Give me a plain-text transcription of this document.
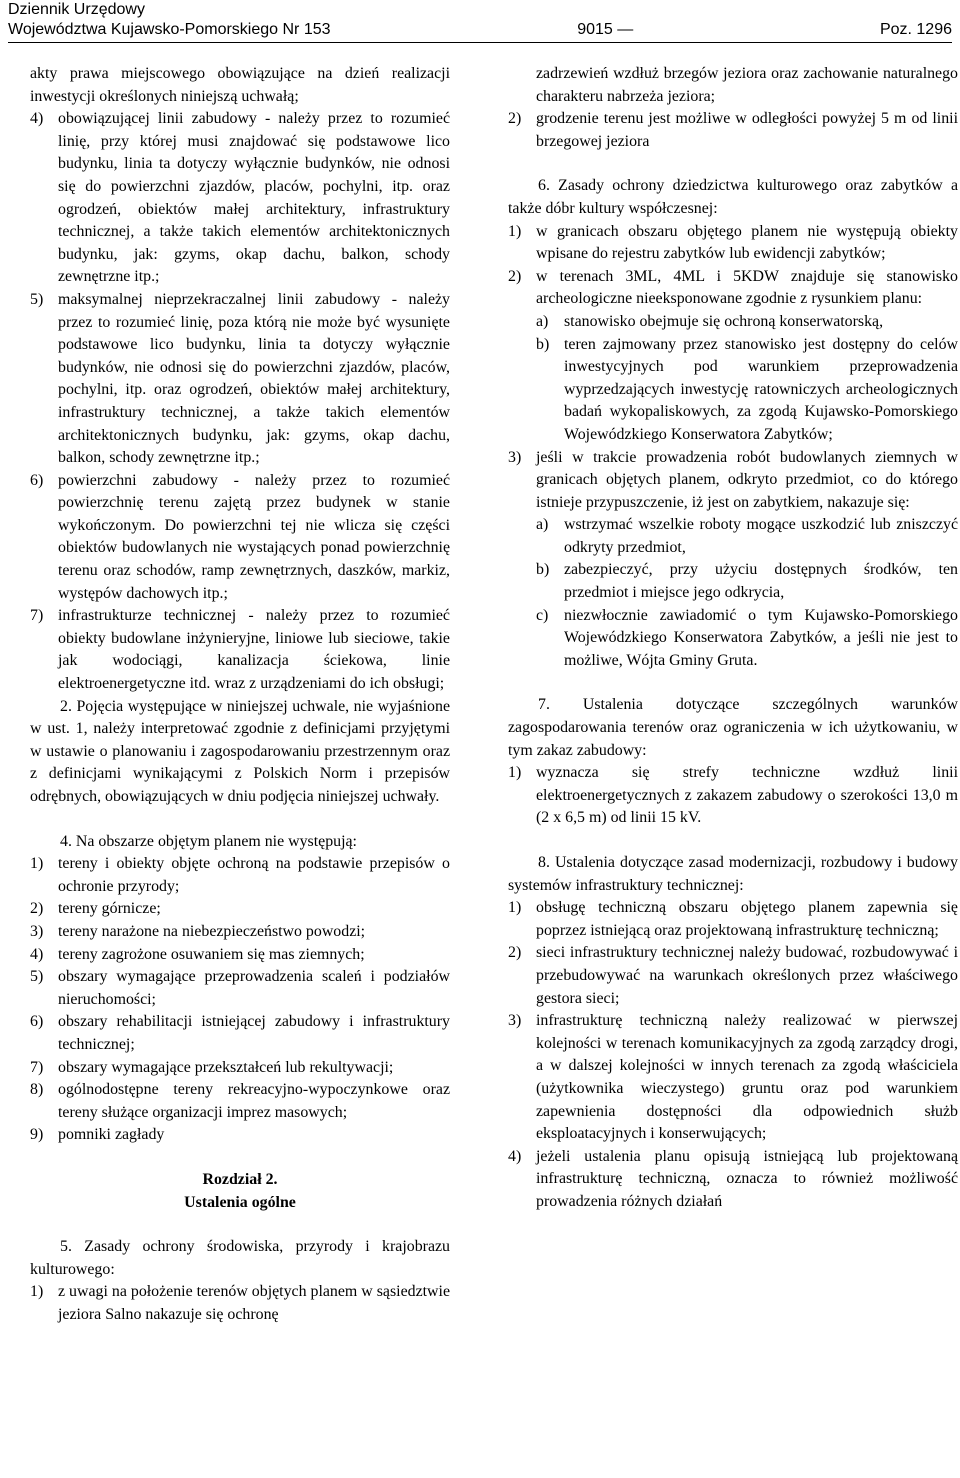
Dziennik Urzędowy
Województwa Kujawsko-Pomorskiego Nr 153	9015 —	Poz. 1296

akty prawa miejscowego obowiązujące na dzień realizacji inwestycji określonych niniejszą uchwałą;

4) obowiązującej linii zabudowy - należy przez to rozumieć linię, przy której musi znajdować się podstawowe lico budynku, linia ta dotyczy wyłącznie budynków, nie odnosi się do powierzchni zjazdów, placów, pochylni, itp. oraz ogrodzeń, obiektów małej architektury, infrastruktury technicznej, a także takich elementów architektonicznych budynku, jak: gzyms, okap dachu, balkon, schody zewnętrzne itp.;
5) maksymalnej nieprzekraczalnej linii zabudowy - należy przez to rozumieć linię, poza którą nie może być wysunięte podstawowe lico budynku, linia ta dotyczy wyłącznie budynków, nie odnosi się do powierzchni zjazdów, placów, pochylni, itp. oraz ogrodzeń, obiektów małej architektury, infrastruktury technicznej, a także takich elementów architektonicznych budynku, jak: gzyms, okap dachu, balkon, schody zewnętrzne itp.;
6) powierzchni zabudowy - należy przez to rozumieć powierzchnię terenu zajętą przez budynek w stanie wykończonym. Do powierzchni tej nie wlicza się części obiektów budowlanych nie wystających ponad powierzchnię terenu oraz schodów, ramp zewnętrznych, daszków, markiz, występów dachowych itp.;
7) infrastrukturze technicznej - należy przez to rozumieć obiekty budowlane inżynieryjne, liniowe lub sieciowe, takie jak wodociągi, kanalizacja ściekowa, linie elektroenergetyczne itd. wraz z urządzeniami do ich obsługi;

2. Pojęcia występujące w niniejszej uchwale, nie wyjaśnione w ust. 1, należy interpretować zgodnie z definicjami przyjętymi w ustawie o planowaniu i zagospodarowaniu przestrzennym oraz z definicjami wynikającymi z Polskich Norm i przepisów odrębnych, obowiązujących w dniu podjęcia niniejszej uchwały.

4. Na obszarze objętym planem nie występują:

1) tereny i obiekty objęte ochroną na podstawie przepisów o ochronie przyrody;
2) tereny górnicze;
3) tereny narażone na niebezpieczeństwo powodzi;
4) tereny zagrożone osuwaniem się mas ziemnych;
5) obszary wymagające przeprowadzenia scaleń i podziałów nieruchomości;
6) obszary rehabilitacji istniejącej zabudowy i infrastruktury technicznej;
7) obszary wymagające przekształceń lub rekultywacji;
8) ogólnodostępne tereny rekreacyjno-wypoczynkowe oraz tereny służące organizacji imprez masowych;
9) pomniki zagłady
Rozdział 2.
Ustalenia ogólne

5. Zasady ochrony środowiska, przyrody i krajobrazu kulturowego:

1) z uwagi na położenie terenów objętych planem w sąsiedztwie jeziora Salno nakazuje się ochronę

zadrzewień wzdłuż brzegów jeziora oraz zachowanie naturalnego charakteru nabrzeża jeziora;

2) grodzenie terenu jest możliwe w odległości powyżej 5 m od linii brzegowej jeziora

6. Zasady ochrony dziedzictwa kulturowego oraz zabytków a także dóbr kultury współczesnej:

1) w granicach obszaru objętego planem nie występują obiekty wpisane do rejestru zabytków lub ewidencji zabytków;
2) w terenach 3ML, 4ML i 5KDW znajduje się stanowisko archeologiczne nieeksponowane zgodnie z rysunkiem planu:
a) stanowisko obejmuje się ochroną konserwatorską,
b) teren zajmowany przez stanowisko jest dostępny do celów inwestycyjnych pod warunkiem przeprowadzenia wyprzedzających inwestycję ratowniczych archeologicznych badań wykopaliskowych, za zgodą Kujawsko-Pomorskiego Wojewódzkiego Konserwatora Zabytków;
3) jeśli w trakcie prowadzenia robót budowlanych ziemnych w granicach objętych planem, odkryto przedmiot, co do którego istnieje przypuszczenie, iż jest on zabytkiem, nakazuje się:
a) wstrzymać wszelkie roboty mogące uszkodzić lub zniszczyć odkryty przedmiot,
b) zabezpieczyć, przy użyciu dostępnych środków, ten przedmiot i miejsce jego odkrycia,
c) niezwłocznie zawiadomić o tym Kujawsko-Pomorskiego Wojewódzkiego Konserwatora Zabytków, a jeśli nie jest to możliwe, Wójta Gminy Gruta.

7. Ustalenia dotyczące szczególnych warunków zagospodarowania terenów oraz ograniczenia w ich użytkowaniu, w tym zakaz zabudowy:

1) wyznacza się strefy techniczne wzdłuż linii elektroenergetycznych z zakazem zabudowy o szerokości 13,0 m (2 x 6,5 m) od linii 15 kV.

8. Ustalenia dotyczące zasad modernizacji, rozbudowy i budowy systemów infrastruktury technicznej:

1) obsługę techniczną obszaru objętego planem zapewnia się poprzez istniejącą oraz projektowaną infrastrukturę techniczną;
2) sieci infrastruktury technicznej należy budować, rozbudowywać i przebudowywać na warunkach określonych przez właściwego gestora sieci;
3) infrastrukturę techniczną należy realizować w pierwszej kolejności w terenach komunikacyjnych za zgodą zarządcy drogi, a w dalszej kolejności w innych terenach za zgodą właściciela (użytkownika wieczystego) gruntu oraz pod warunkiem zapewnienia dostępności dla odpowiednich służb eksploatacyjnych i konserwujących;
4) jeżeli ustalenia planu opisują istniejącą lub projektowaną infrastrukturę techniczną, oznacza to również możliwość prowadzenia różnych działań
